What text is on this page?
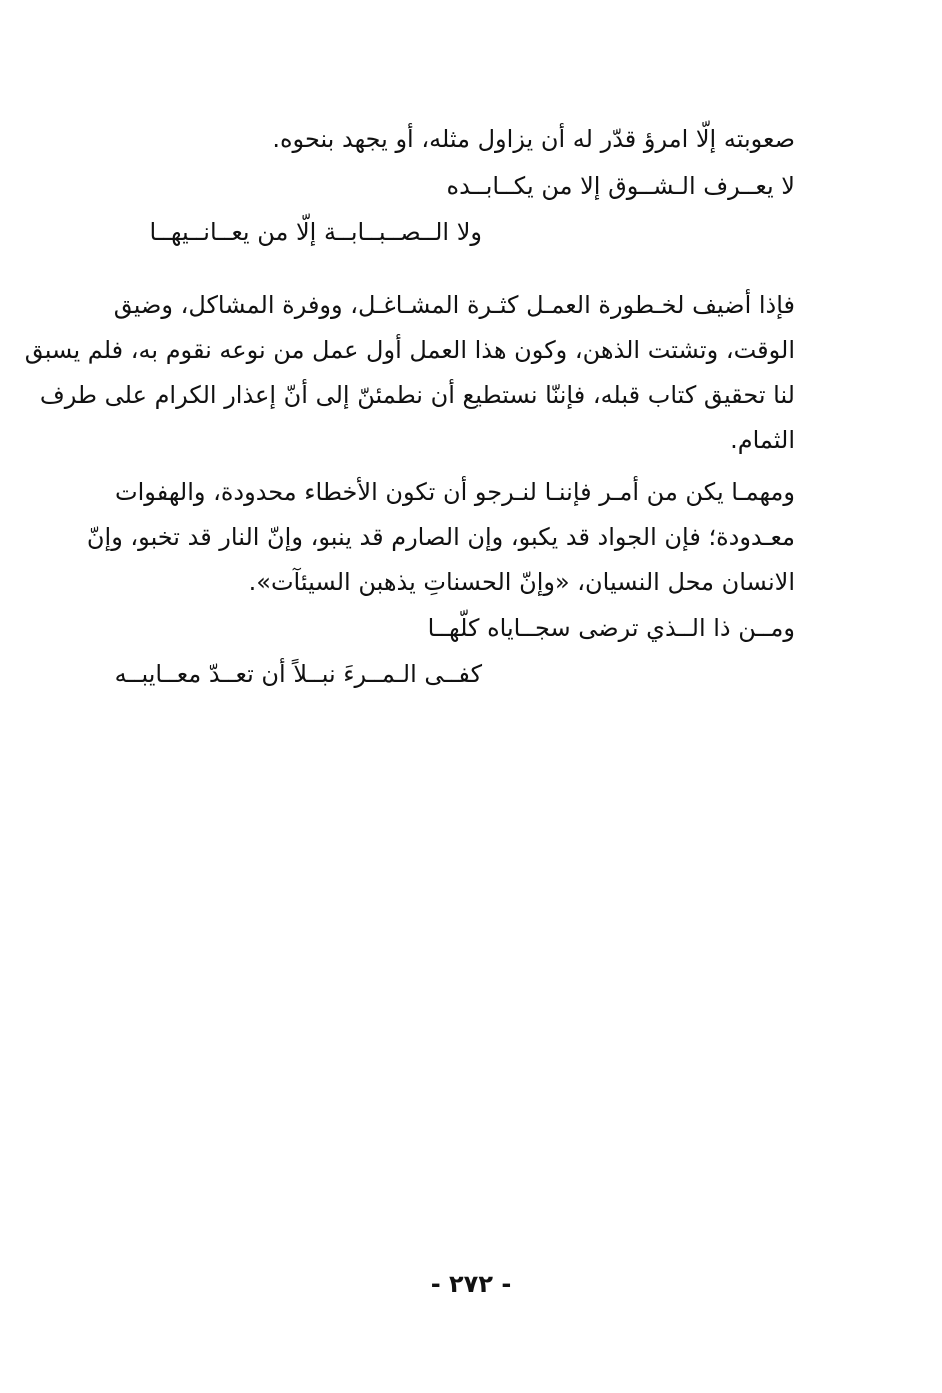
صعوبته إلّا امرؤ قدّر له أن يزاول مثله، أو يجهد بنحوه.
لا يعــرف الـشــوق إلا من يكــابــده
ولا الــصــبــابــة إلّا من يعــانــيهــا
فإذا أضيف لخـطورة العمـل كثـرة المشـاغـل، ووفرة المشاكل، وضيق
الوقت، وتشتت الذهن، وكون هذا العمل أول عمل من نوعه نقوم به، فلم يسبق
لنا تحقيق كتاب قبله، فإننّا نستطيع أن نطمئنّ إلى أنّ إعذار الكرام على طرف
الثمام.
ومهمـا يكن من أمـر فإننـا لنـرجو أن تكون الأخطاء محدودة، والهفوات
معـدودة؛ فإن الجواد قد يكبو، وإن الصارم قد ينبو، وإنّ النار قد تخبو، وإنّ
الانسان محل النسيان، «وإنّ الحسناتِ يذهبن السيئآت».
ومــن ذا الــذي ترضى سجــاياه كلّهــا
كفــى الـمــرءَ نبــلاً أن تعــدّ معــايبــه
- ٢٧٢ -
